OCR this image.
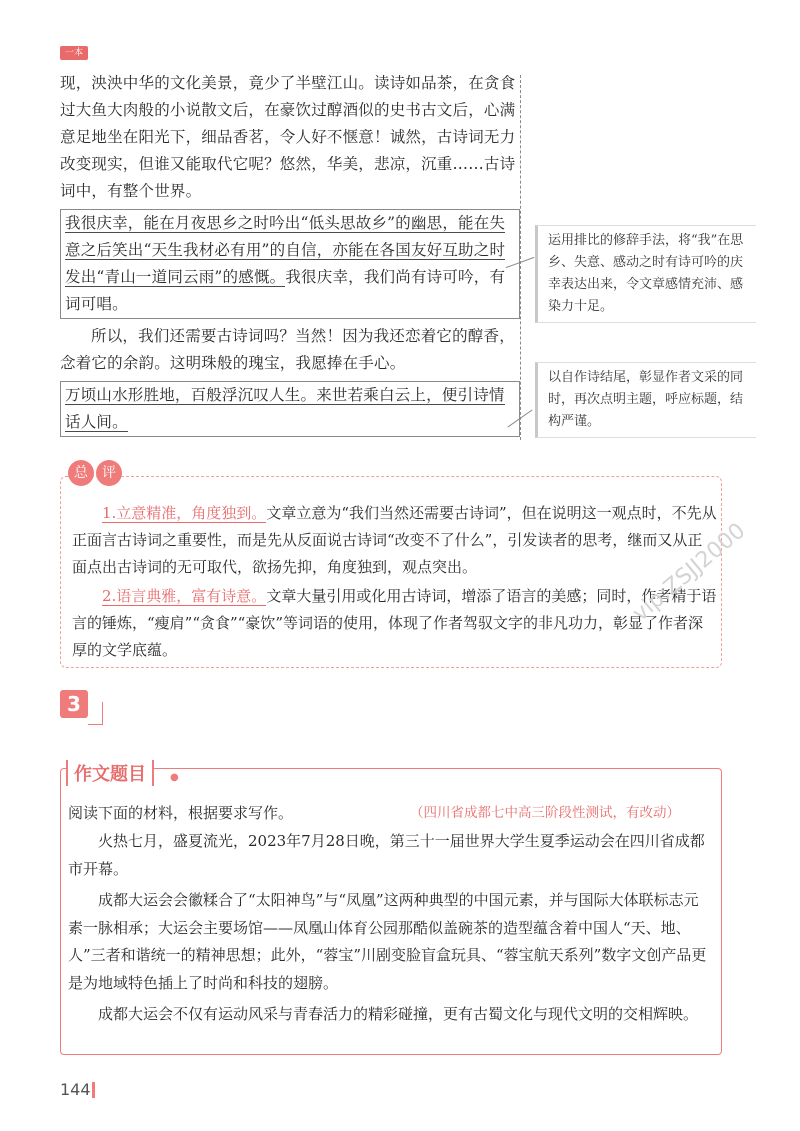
一本

现，泱泱中华的文化美景，竟少了半壁江山。读诗如品茶，在贪食过大鱼大肉般的小说散文后，在豪饮过醇酒似的史书古文后，心满意足地坐在阳光下，细品香茗，令人好不惬意！诚然，古诗词无力改变现实，但谁又能取代它呢？悠然，华美，悲凉，沉重……古诗词中，有整个世界。

我很庆幸，能在月夜思乡之时吟出“低头思故乡”的幽思，能在失意之后笑出“天生我材必有用”的自信，亦能在各国友好互助之时发出“青山一道同云雨”的感慨。我很庆幸，我们尚有诗可吟，有词可唱。

所以，我们还需要古诗词吗？当然！因为我还恋着它的醇香，念着它的余韵。这明珠般的瑰宝，我愿捧在手心。

万顷山水形胜地，百般浮沉叹人生。来世若乘白云上，便引诗情话人间。
运用排比的修辞手法，将“我”在思乡、失意、感动之时有诗可吟的庆幸表达出来，令文章感情充沛、感染力十足。
以自作诗结尾，彰显作者文采的同时，再次点明主题，呼应标题，结构严谨。
总	评

1.立意精准，角度独到。文章立意为“我们当然还需要古诗词”，但在说明这一观点时，不先从正面言古诗词之重要性，而是先从反面说古诗词“改变不了什么”，引发读者的思考，继而又从正面点出古诗词的无可取代，欲扬先抑，角度独到，观点突出。

2.语言典雅，富有诗意。文章大量引用或化用古诗词，增添了语言的美感；同时，作者精于语言的锤炼，“瘦肩”“贪食”“豪饮”等词语的使用，体现了作者驾驭文字的非凡功力，彰显了作者深厚的文学底蕴。

vip:ZSJJ2000
3
作文题目	●
阅读下面的材料，根据要求写作。	（四川省成都七中高三阶段性测试，有改动）

火热七月，盛夏流光，2023年7月28日晚，第三十一届世界大学生夏季运动会在四川省成都市开幕。

成都大运会会徽糅合了“太阳神鸟”与“凤凰”这两种典型的中国元素，并与国际大体联标志元素一脉相承；大运会主要场馆——凤凰山体育公园那酷似盖碗茶的造型蕴含着中国人“天、地、人”三者和谐统一的精神思想；此外，“蓉宝”川剧变脸盲盒玩具、“蓉宝航天系列”数字文创产品更是为地域特色插上了时尚和科技的翅膀。

成都大运会不仅有运动风采与青春活力的精彩碰撞，更有古蜀文化与现代文明的交相辉映。

144
